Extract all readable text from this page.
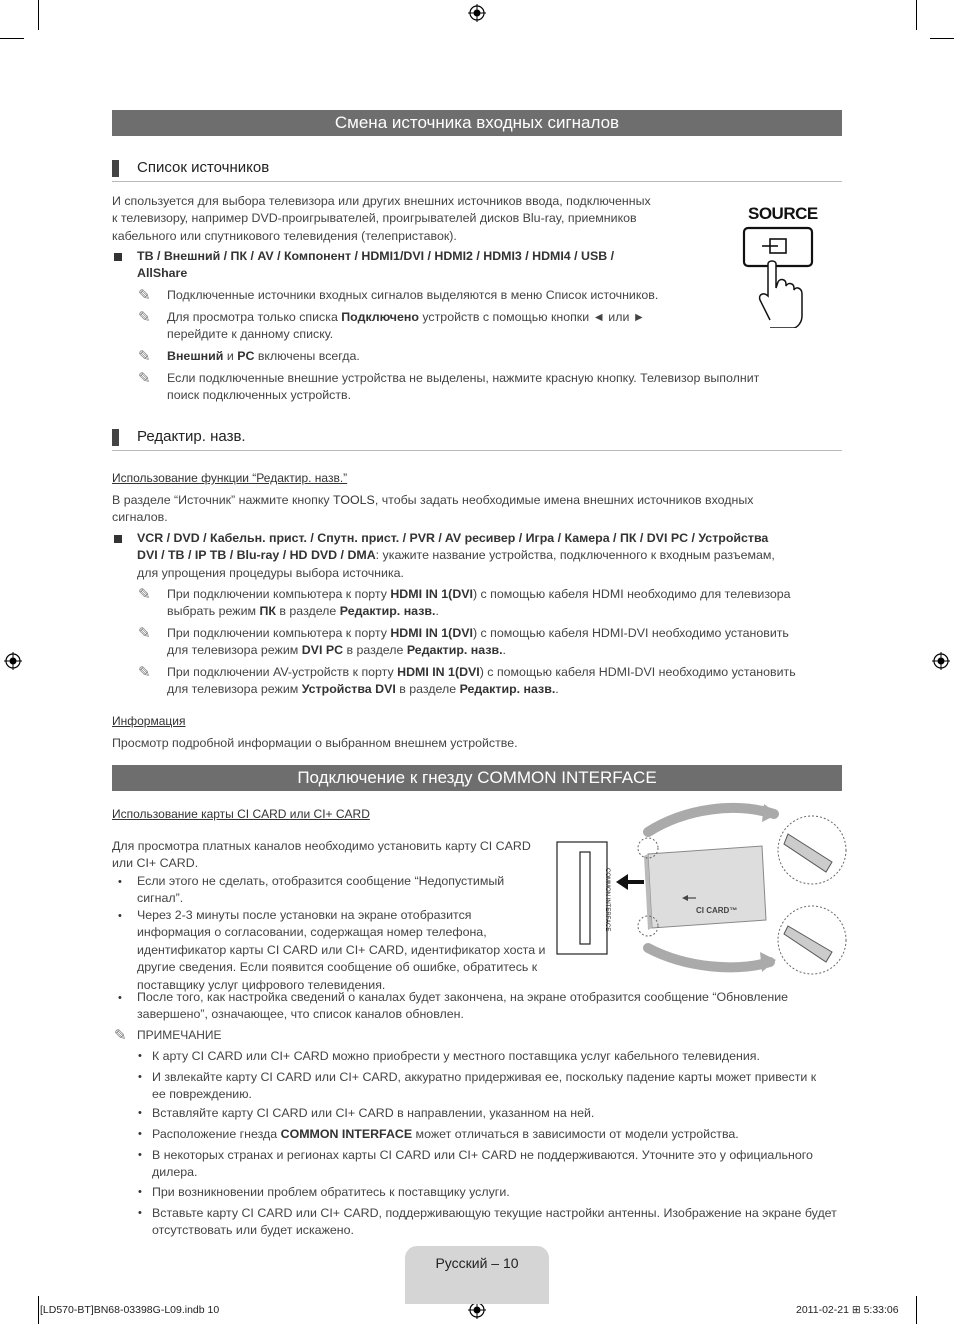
Смена источника входных сигналов
Список источников
И спользуется для выбора телевизора или других внешних источников ввода, подключенных
к телевизору, например DVD-проигрывателей, проигрывателей дисков Blu-ray, приемников
кабельного или спутникового телевидения (телеприставок).
SOURCE
ТВ / Внешний / ПК / AV / Компонент / HDMI1/DVI / HDMI2 / HDMI3 / HDMI4 / USB /
AllShare
✎ Подключенные источники входных сигналов выделяются в меню Список источников.
✎ Для просмотра только списка Подключено устройств с помощью кнопки ◄ или ►
перейдите к данному списку.
✎ Внешний и PC включены всегда.
✎ Если подключенные внешние устройства не выделены, нажмите красную кнопку. Телевизор выполнит
поиск подключенных устройств.
Редактир. назв.
Использование функции “Редактир. назв.”
В разделе “Источник” нажмите кнопку TOOLS, чтобы задать необходимые имена внешних источников входных
сигналов.
VCR / DVD / Кабельн. прист. / Спутн. прист. / PVR / AV ресивер / Игра / Камера / ПК / DVI PC / Устройства
DVI / TB / IP TB / Blu-ray / HD DVD / DMA: укажите название устройства, подключенного к входным разъемам,
для упрощения процедуры выбора источника.
✎ При подключении компьютера к порту HDMI IN 1(DVI) с помощью кабеля HDMI необходимо для телевизора
выбрать режим ПК в разделе Редактир. назв..
✎ При подключении компьютера к порту HDMI IN 1(DVI) с помощью кабеля HDMI-DVI необходимо установить
для телевизора режим DVI PC в разделе Редактир. назв..
✎ При подключении AV-устройств к порту HDMI IN 1(DVI) с помощью кабеля HDMI-DVI необходимо установить
для телевизора режим Устройства DVI в разделе Редактир. назв..
Информация
Просмотр подробной информации о выбранном внешнем устройстве.
Подключение к гнезду COMMON INTERFACE
Использование карты CI CARD или CI+ CARD
Для просмотра платных каналов необходимо установить карту CI CARD
или CI+ CARD.
• Если этого не сделать, отобразится сообщение “Недопустимый
сигнал”.
• Через 2-3 минуты после установки на экране отобразится
информация о согласовании, содержащая номер телефона,
идентификатор карты CI CARD или CI+ CARD, идентификатор хоста и
другие сведения. Если появится сообщение об ошибке, обратитесь к
поставщику услуг цифрового телевидения.
• После того, как настройка сведений о каналах будет закончена, на экране отобразится сообщение “Обновление
завершено”, означающее, что список каналов обновлен.
COMMON INTERFACE	CI CARD™
✎ ПРИМЕЧАНИЕ
• К арту CI CARD или CI+ CARD можно приобрести у местного поставщика услуг кабельного телевидения.
• И звлекайте карту CI CARD или CI+ CARD, аккуратно придерживая ее, поскольку падение карты может привести к
ее повреждению.
• Вставляйте карту CI CARD или CI+ CARD в направлении, указанном на ней.
• Расположение гнезда COMMON INTERFACE может отличаться в зависимости от модели устройства.
• В некоторых странах и регионах карты CI CARD или CI+ CARD не поддерживаются. Уточните это у официального
дилера.
• При возникновении проблем обратитесь к поставщику услуги.
• Вставьте карту CI CARD или CI+ CARD, поддерживающую текущие настройки антенны. Изображение на экране будет
отсутствовать или будет искажено.
Русский – 10
[LD570-BT]BN68-03398G-L09.indb 10	2011-02-21 ⊞ 5:33:06
